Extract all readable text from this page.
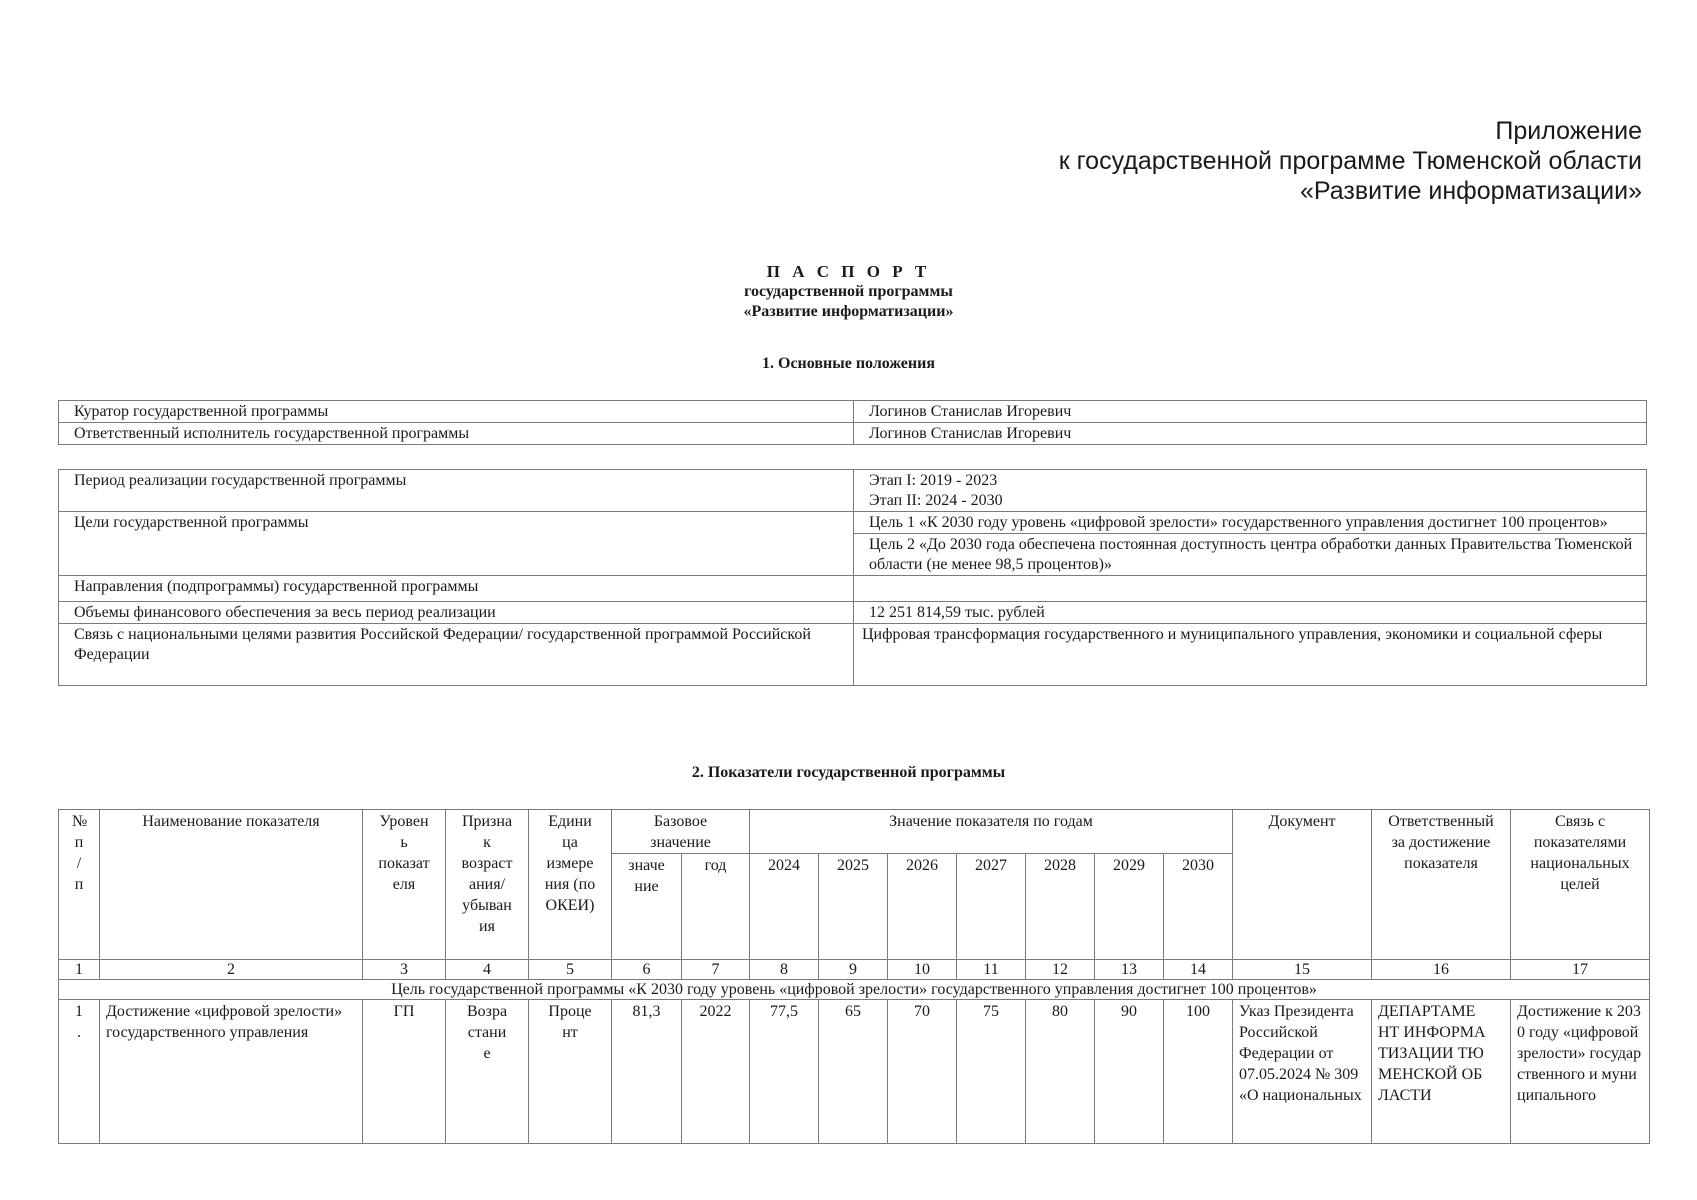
Приложение
к государственной программе Тюменской области
«Развитие информатизации»
П А С П О Р Т
государственной программы
«Развитие информатизации»
1. Основные положения
Куратор государственной программы	Логинов Станислав Игоревич
Ответственный исполнитель государственной программы	Логинов Станислав Игоревич
Период реализации государственной программы	Этап I: 2019 - 2023
Этап II: 2024 - 2030

Цели государственной программы	Цель 1 «К 2030 году уровень «цифровой зрелости» государственного управления достигнет 100 процентов»
	Цель 2 «До 2030 года обеспечена постоянная доступность центра обработки данных Правительства Тюменской области (не менее 98,5 процентов)»
Направления (подпрограммы) государственной программы	
Объемы финансового обеспечения за весь период реализации	12 251 814,59 тыс. рублей
Связь с национальными целями развития Российской Федерации/ государственной программой Российской Федерации	Цифровая трансформация государственного и муниципального управления, экономики и социальной сферы
2. Показатели государственной программы
№ п / п	Наименование показателя	Уровень показателя	Признак возрастания/ убывания	Единица измерения (по ОКЕИ)	Базовое значение		Значение показателя по годам							Документ	Ответственный за достижение показателя	Связь с показателями национальных целей

					значение	год	2024	2025	2026	2027	2028	2029	2030			
1	2	3	4	5	6	7	8	9	10	11	12	13	14	15	16	17
Цель государственной программы «К 2030 году уровень «цифровой зрелости» государственного управления достигнет 100 процентов»																

1 .	Достижение «цифровой зрелости» государственного управления	ГП	Возрастание	Процент	81,3	2022	77,5	65	70	75	80	90	100	Указ Президента Российской Федерации от 07.05.2024 № 309 «О национальных	ДЕПАРТАМЕНТ ИНФОРМАТИЗАЦИИ ТЮМЕНСКОЙ ОБЛАСТИ	Достижение к 2030 году «цифровой зрелости» государственного и муниципального
